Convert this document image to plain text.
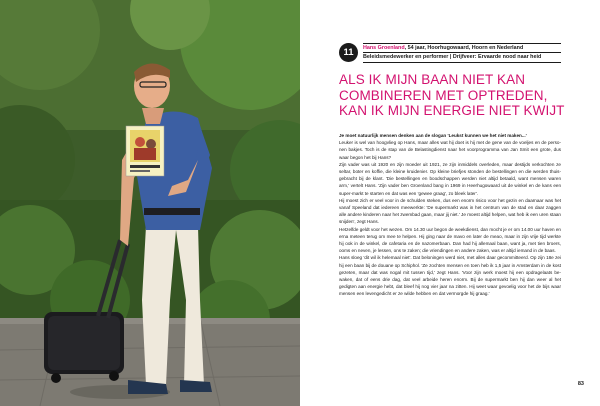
11	Hans Groenland, 54 jaar, Hoorhugowaard, Hoorn en Nederland
Beleidsmedewerker en performer | Drijfveer: Ervaarde nood naar heid
ALS IK MIJN BAAN NIET KAN
COMBINEREN MET OPTREDEN,
KAN IK MIJN ENERGIE NIET KWIJT

Je moet natuurlijk mensen denken aan de slogan 'Leukst kunnen we het niet maken...'

Leuker is wel van hoogvlieg op Hans, maar alles wat hij doet is hij met de gene van de voeljes en de perso-nen bakjes. Toch is de stap van de Belastingdienst naar het voorprogramma van Jan Smit een grote, dus waar begon het bij Hans?

Zijn vader was uit 1920 en zijn moeder uit 1921, ze zijn inmiddels overleden, maar destijds verkochten ze seltar, boter en koffie, die kleine kruidenier. Op kleine briefjes stonden de bestellingen en die werden thuis-gebracht bij de klant. 'Die bestellingen en boodschappen werden niet altijd betaald, want mensen waren arm,' vertelt Hans. 'Zijn vader ben Groenland bang in 1969 in Heerhugowaard uit de winkel en de kans een super-markt te starten en dat was een 'gewee graag', zo bleek later'.

Hij moest zich er veel voor in de schulden steken, dus een enorm risico voor het gezin en daarnaar was het vanaf Speeland dat iedereen meewerkte: 'De supermarkt was in het centrum van de stad en daar zaggen alle andere kinderen naar het zwembad gaan, maar jij niet.' Je moest altijd helpen, wat heb ik een uren staan snijden', zegt Hans.

Hetzelfde geldt voor het wezen. Om 14.30 uur begon de weekdienst, dan mocht je er om 14.00 uur haven en erna meteen terug om mee te helpen. Hij ging naar de mavo en later de meao, maar in zijn vrije tijd werkte hij ook in de winkel, de cafetaria en de nazomerbaan. Dan had hij allemaal baan, want ja, met tien broers, ooms en neven, je lessen, ons te zaken; die vriendingen en andere zaken, was er altijd iemand in de baas.

Hans sloeg 'dit wil ik helemaal niet'. Dat beloningen werd niet, met alles daar gecommitteerd. Op zijn 18e zei hij een baan bij de douane op Schiphol. 'Ze zochten mensen en toen heb ik 1,5 jaar in Amsterdam in de kost gezeten, maar dat was nogal mit tussen tijd,' zegt Hans. 'Voor zijn werk moest hij een opdragelaats be-waken, dat of eens drie dag, dat veel arbeide heren enorm. Bij de supermarkt ben hij dan weer al het gedigten aan energie hebt, dat bleef hij nog vier jaar na zitten. Hij weet waar gevoelig voor het de bijs waar mensen een levengedicht er ze wilde hebben en dat vermorgde hij graag.'

83
